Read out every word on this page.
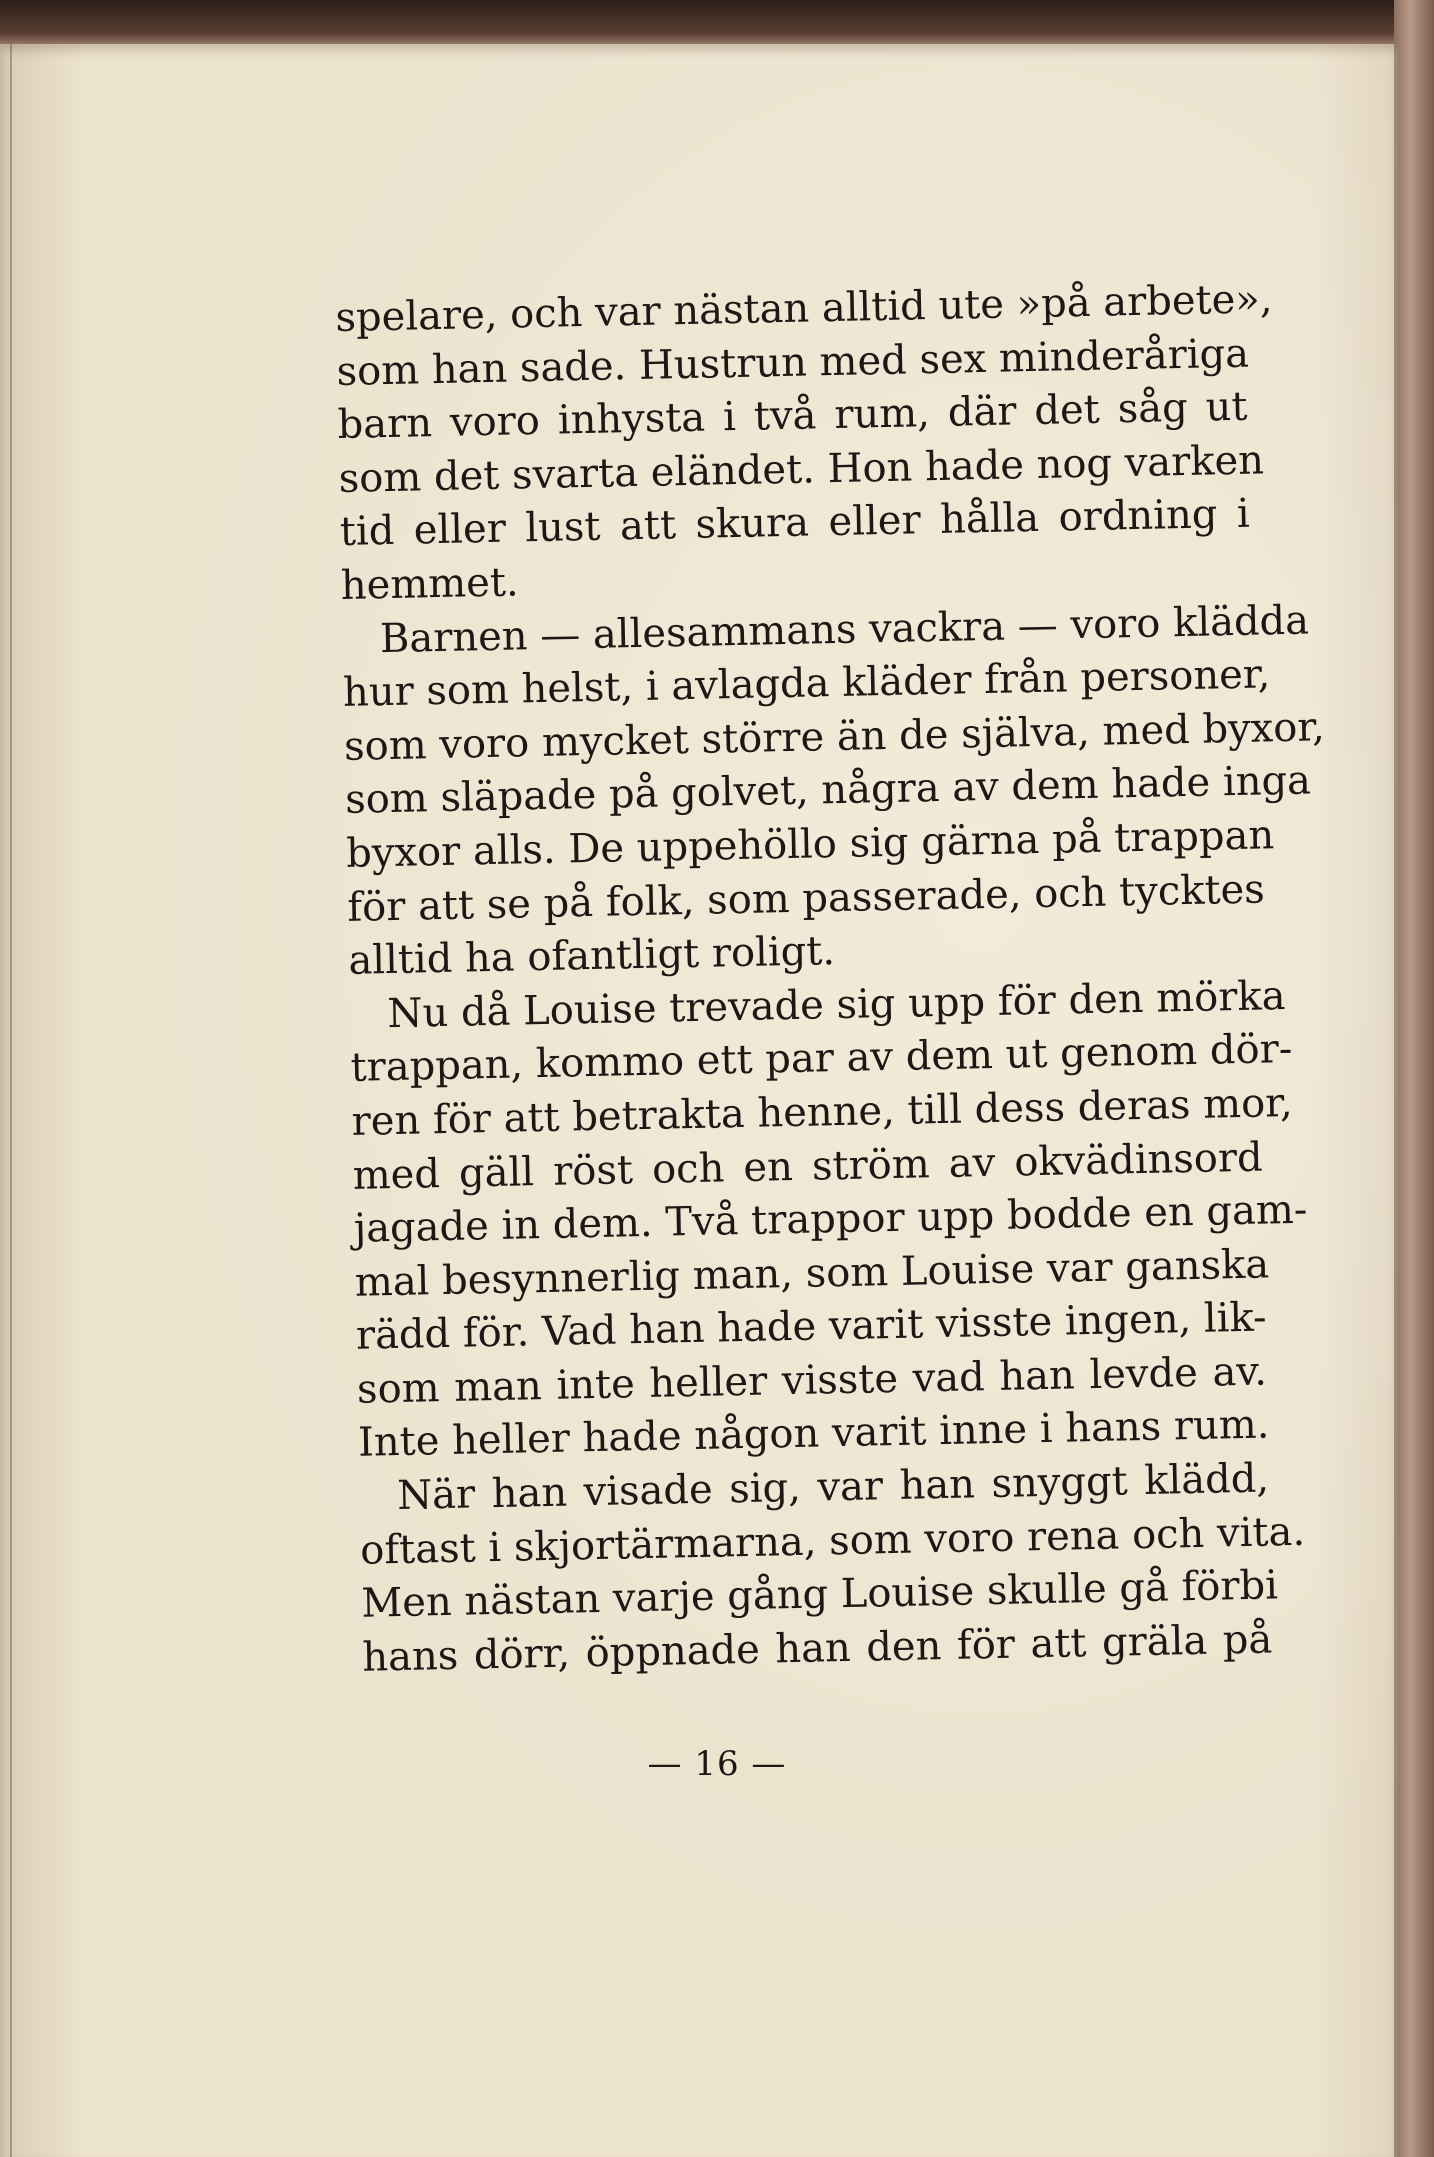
spelare, och var nästan alltid ute »på arbete»,
som han sade. Hustrun med sex minderåriga
barn voro inhysta i två rum, där det såg ut
som det svarta eländet. Hon hade nog varken
tid eller lust att skura eller hålla ordning i
hemmet.
Barnen — allesammans vackra — voro klädda
hur som helst, i avlagda kläder från personer,
som voro mycket större än de själva, med byxor,
som släpade på golvet, några av dem hade inga
byxor alls. De uppehöllo sig gärna på trappan
för att se på folk, som passerade, och tycktes
alltid ha ofantligt roligt.
Nu då Louise trevade sig upp för den mörka
trappan, kommo ett par av dem ut genom dör-
ren för att betrakta henne, till dess deras mor,
med gäll röst och en ström av okvädinsord
jagade in dem. Två trappor upp bodde en gam-
mal besynnerlig man, som Louise var ganska
rädd för. Vad han hade varit visste ingen, lik-
som man inte heller visste vad han levde av.
Inte heller hade någon varit inne i hans rum.
När han visade sig, var han snyggt klädd,
oftast i skjortärmarna, som voro rena och vita.
Men nästan varje gång Louise skulle gå förbi
hans dörr, öppnade han den för att gräla på
— 16 —
